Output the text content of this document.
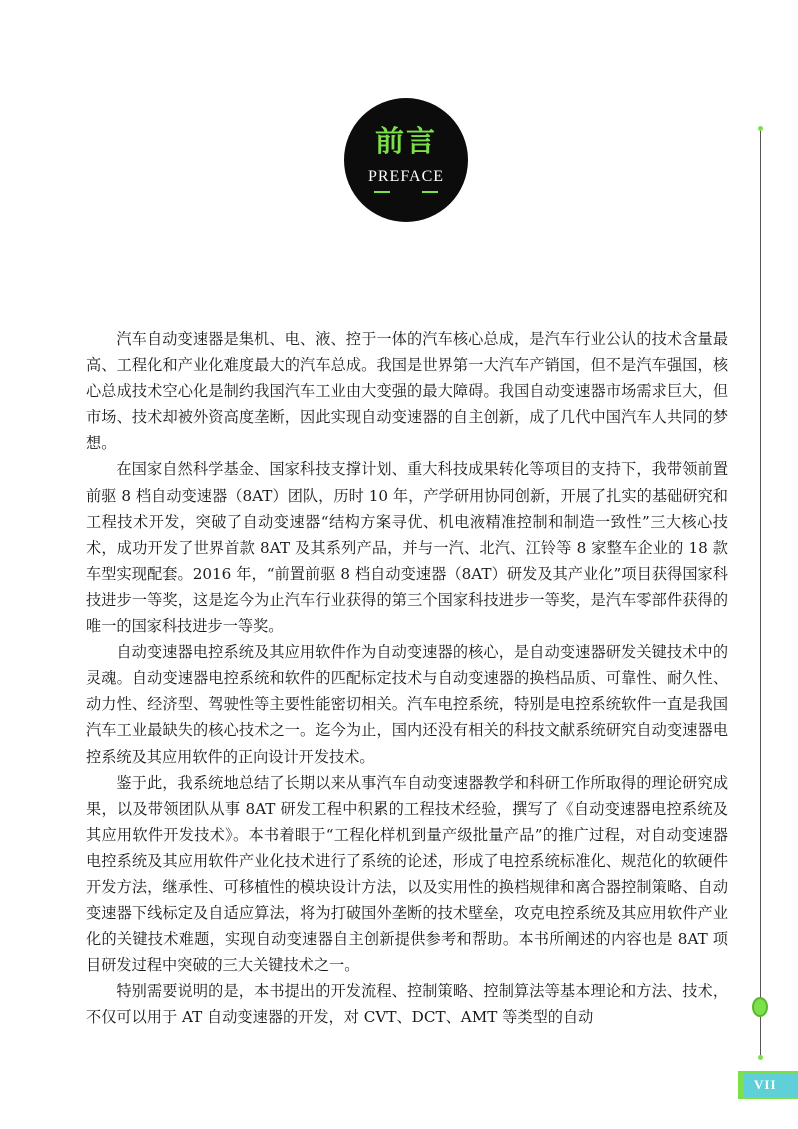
前言
PREFACE
VII

汽车自动变速器是集机、电、液、控于一体的汽车核心总成，是汽车行业公认的技术含量最高、工程化和产业化难度最大的汽车总成。我国是世界第一大汽车产销国，但不是汽车强国，核心总成技术空心化是制约我国汽车工业由大变强的最大障碍。我国自动变速器市场需求巨大，但市场、技术却被外资高度垄断，因此实现自动变速器的自主创新，成了几代中国汽车人共同的梦想。

在国家自然科学基金、国家科技支撑计划、重大科技成果转化等项目的支持下，我带领前置前驱 8 档自动变速器（8AT）团队，历时 10 年，产学研用协同创新，开展了扎实的基础研究和工程技术开发，突破了自动变速器“结构方案寻优、机电液精准控制和制造一致性”三大核心技术，成功开发了世界首款 8AT 及其系列产品，并与一汽、北汽、江铃等 8 家整车企业的 18 款车型实现配套。2016 年，“前置前驱 8 档自动变速器（8AT）研发及其产业化”项目获得国家科技进步一等奖，这是迄今为止汽车行业获得的第三个国家科技进步一等奖，是汽车零部件获得的唯一的国家科技进步一等奖。

自动变速器电控系统及其应用软件作为自动变速器的核心，是自动变速器研发关键技术中的灵魂。自动变速器电控系统和软件的匹配标定技术与自动变速器的换档品质、可靠性、耐久性、动力性、经济型、驾驶性等主要性能密切相关。汽车电控系统，特别是电控系统软件一直是我国汽车工业最缺失的核心技术之一。迄今为止，国内还没有相关的科技文献系统研究自动变速器电控系统及其应用软件的正向设计开发技术。

鉴于此，我系统地总结了长期以来从事汽车自动变速器教学和科研工作所取得的理论研究成果，以及带领团队从事 8AT 研发工程中积累的工程技术经验，撰写了《自动变速器电控系统及其应用软件开发技术》。本书着眼于“工程化样机到量产级批量产品”的推广过程，对自动变速器电控系统及其应用软件产业化技术进行了系统的论述，形成了电控系统标准化、规范化的软硬件开发方法，继承性、可移植性的模块设计方法，以及实用性的换档规律和离合器控制策略、自动变速器下线标定及自适应算法，将为打破国外垄断的技术壁垒，攻克电控系统及其应用软件产业化的关键技术难题，实现自动变速器自主创新提供参考和帮助。本书所阐述的内容也是 8AT 项目研发过程中突破的三大关键技术之一。

特别需要说明的是，本书提出的开发流程、控制策略、控制算法等基本理论和方法、技术，不仅可以用于 AT 自动变速器的开发，对 CVT、DCT、AMT 等类型的自动
